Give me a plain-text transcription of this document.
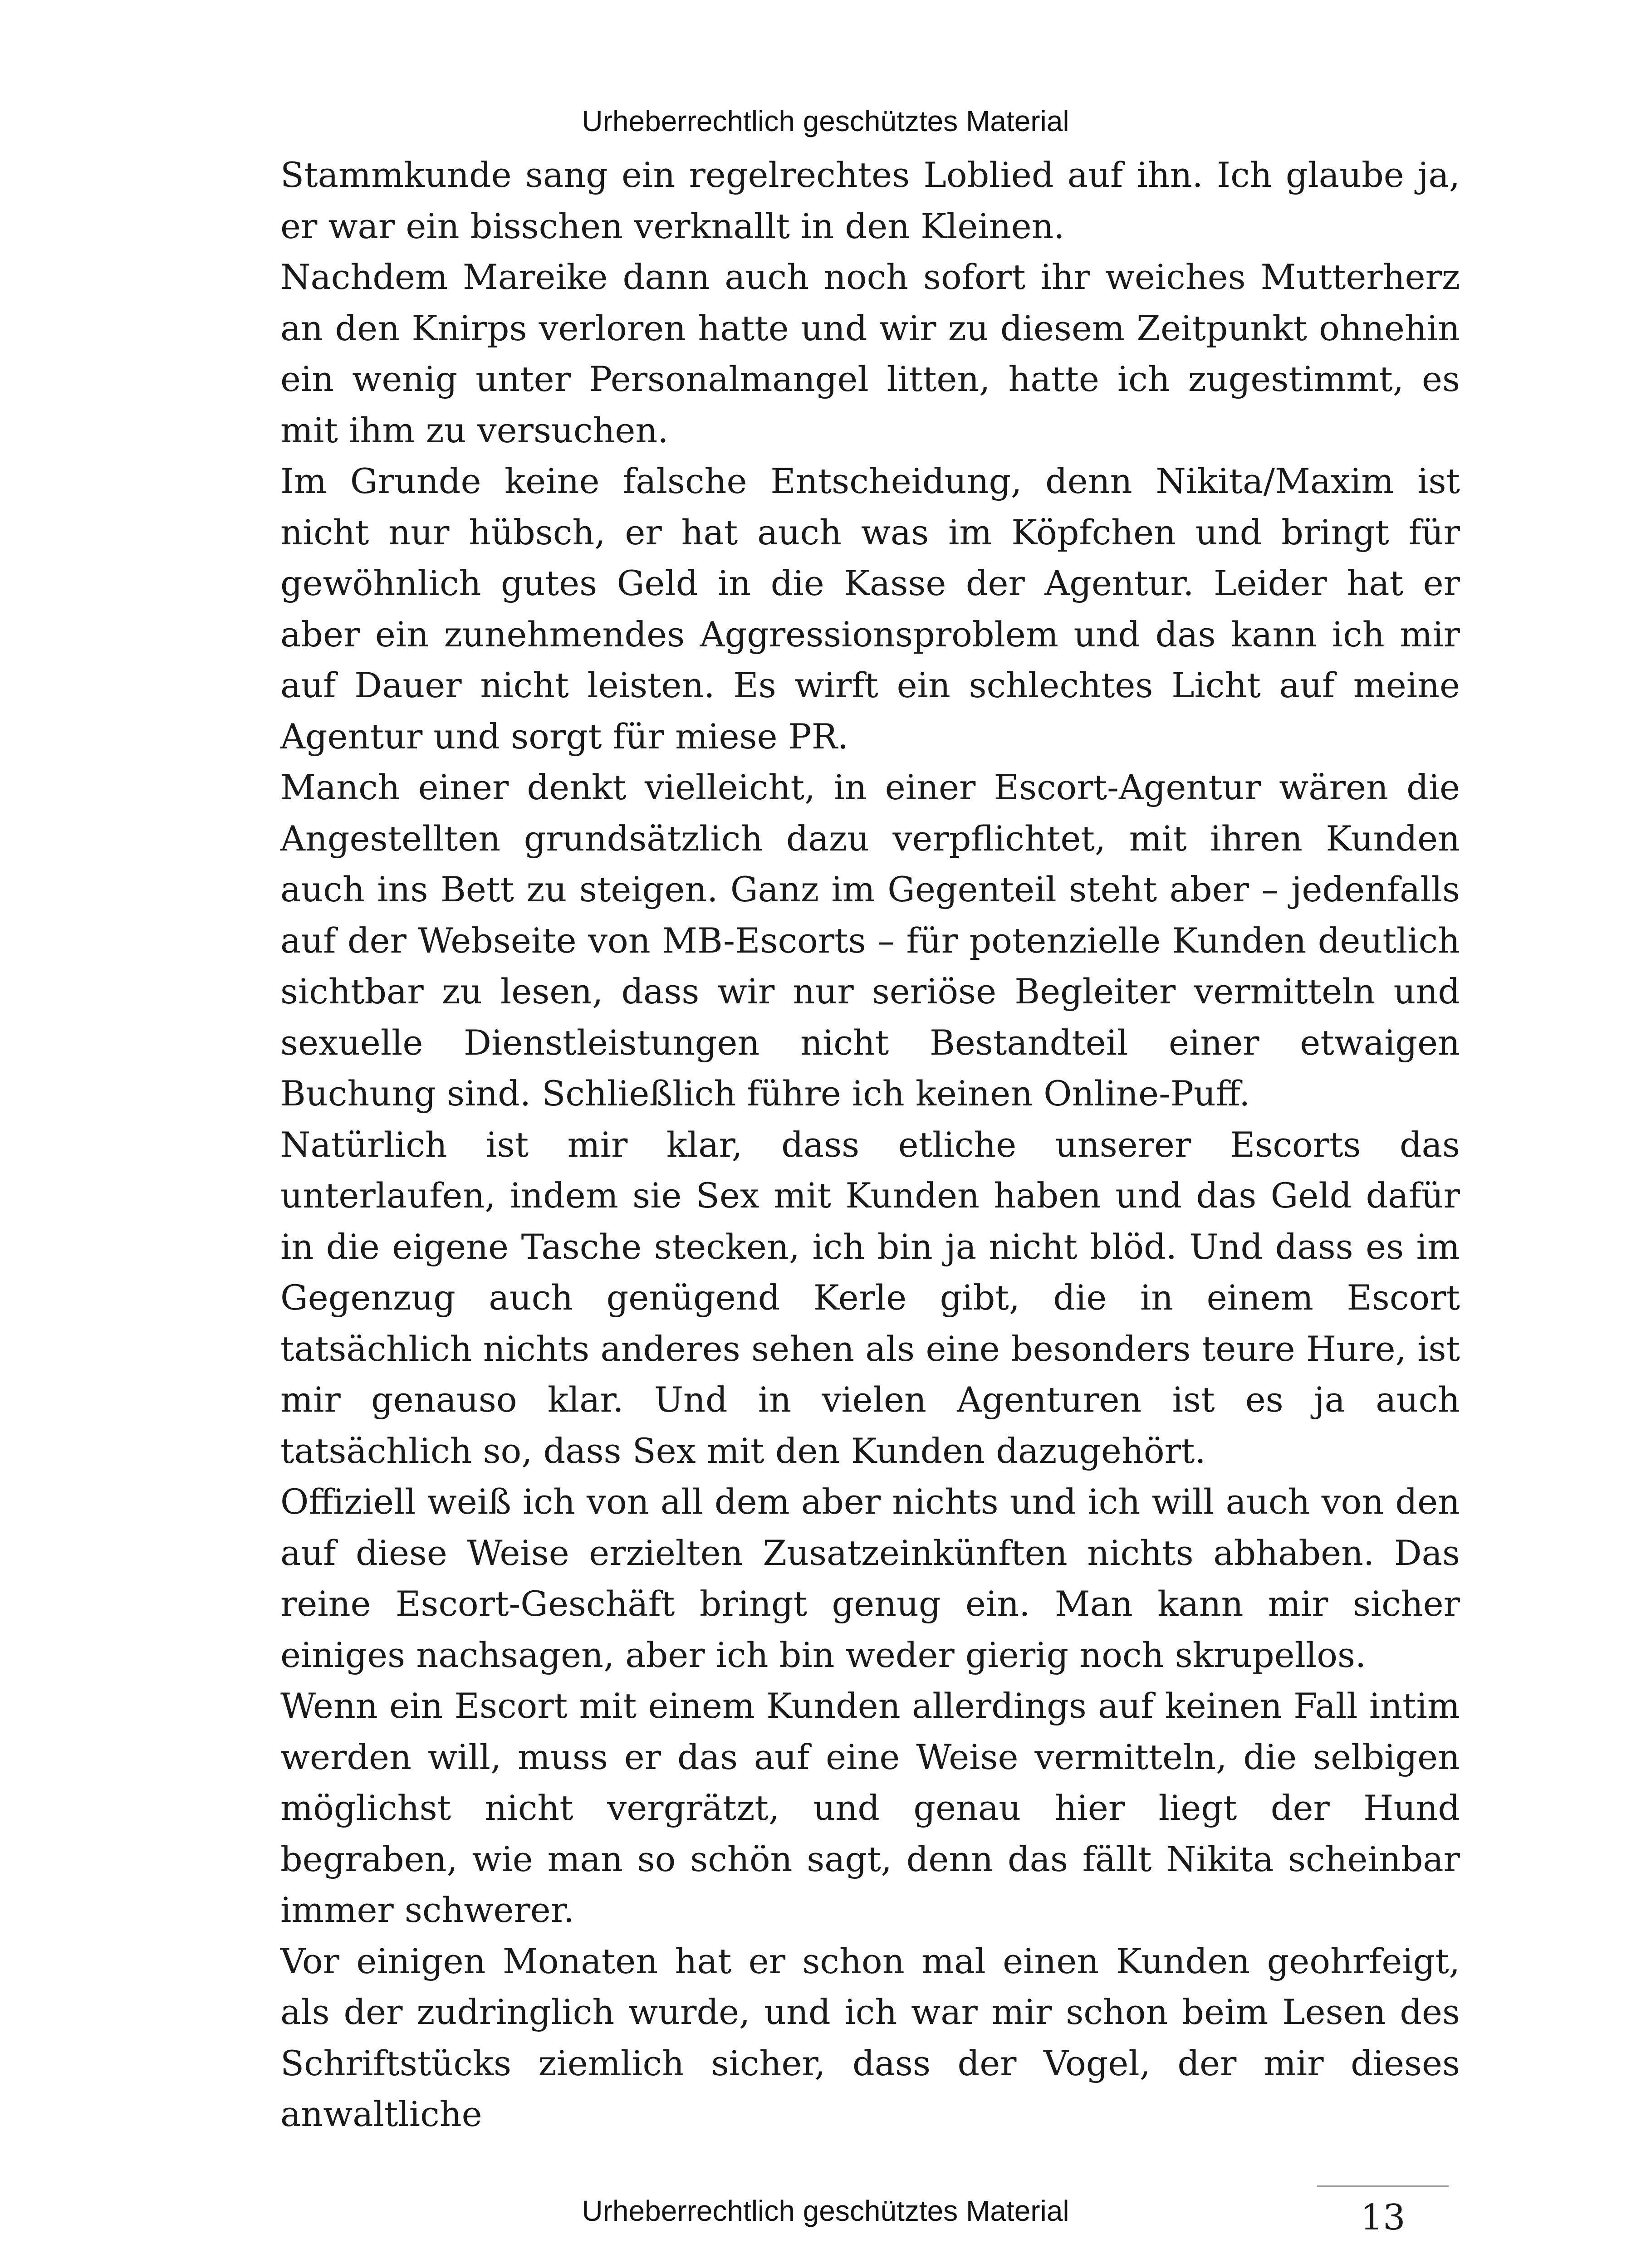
Urheberrechtlich geschütztes Material

Stammkunde sang ein regelrechtes Loblied auf ihn. Ich glaube ja, er war ein bisschen verknallt in den Kleinen.

Nachdem Mareike dann auch noch sofort ihr weiches Mutterherz an den Knirps verloren hatte und wir zu diesem Zeitpunkt ohnehin ein wenig unter Personalmangel litten, hatte ich zugestimmt, es mit ihm zu versuchen.

Im Grunde keine falsche Entscheidung, denn Nikita/Maxim ist nicht nur hübsch, er hat auch was im Köpfchen und bringt für gewöhnlich gutes Geld in die Kasse der Agentur. Leider hat er aber ein zunehmendes Aggressionsproblem und das kann ich mir auf Dauer nicht leisten. Es wirft ein schlechtes Licht auf meine Agentur und sorgt für miese PR.

Manch einer denkt vielleicht, in einer Escort-Agentur wären die Angestellten grundsätzlich dazu verpflichtet, mit ihren Kunden auch ins Bett zu steigen. Ganz im Gegenteil steht aber – jedenfalls auf der Webseite von MB-Escorts – für potenzielle Kunden deutlich sichtbar zu lesen, dass wir nur seriöse Begleiter vermitteln und sexuelle Dienstleistungen nicht Bestandteil einer etwaigen Buchung sind. Schließlich führe ich keinen Online-Puff.

Natürlich ist mir klar, dass etliche unserer Escorts das unterlaufen, indem sie Sex mit Kunden haben und das Geld dafür in die eigene Tasche stecken, ich bin ja nicht blöd. Und dass es im Gegenzug auch genügend Kerle gibt, die in einem Escort tatsächlich nichts anderes sehen als eine besonders teure Hure, ist mir genauso klar. Und in vielen Agenturen ist es ja auch tatsächlich so, dass Sex mit den Kunden dazugehört.

Offiziell weiß ich von all dem aber nichts und ich will auch von den auf diese Weise erzielten Zusatzeinkünften nichts abhaben. Das reine Escort-Geschäft bringt genug ein. Man kann mir sicher einiges nachsagen, aber ich bin weder gierig noch skrupellos.

Wenn ein Escort mit einem Kunden allerdings auf keinen Fall intim werden will, muss er das auf eine Weise vermitteln, die selbigen möglichst nicht vergrätzt, und genau hier liegt der Hund begraben, wie man so schön sagt, denn das fällt Nikita scheinbar immer schwerer.

Vor einigen Monaten hat er schon mal einen Kunden geohrfeigt, als der zudringlich wurde, und ich war mir schon beim Lesen des Schriftstücks ziemlich sicher, dass der Vogel, der mir dieses anwaltliche

13
Urheberrechtlich geschütztes Material
